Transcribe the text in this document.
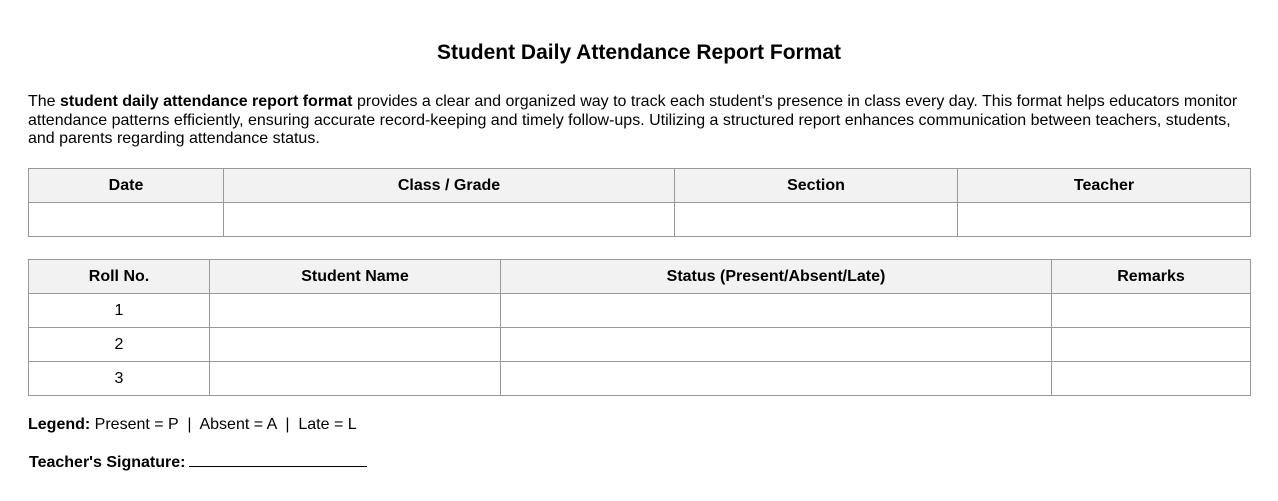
Student Daily Attendance Report Format

The student daily attendance report format provides a clear and organized way to track each student's presence in class every day. This format helps educators monitor attendance patterns efficiently, ensuring accurate record-keeping and timely follow-ups. Utilizing a structured report enhances communication between teachers, students, and parents regarding attendance status.

Date	Class / Grade	Section	Teacher

Roll No.	Student Name	Status (Present/Absent/Late)	Remarks
1			
2			
3			
Legend: Present = P  |  Absent = A  |  Late = L
Teacher's Signature:
